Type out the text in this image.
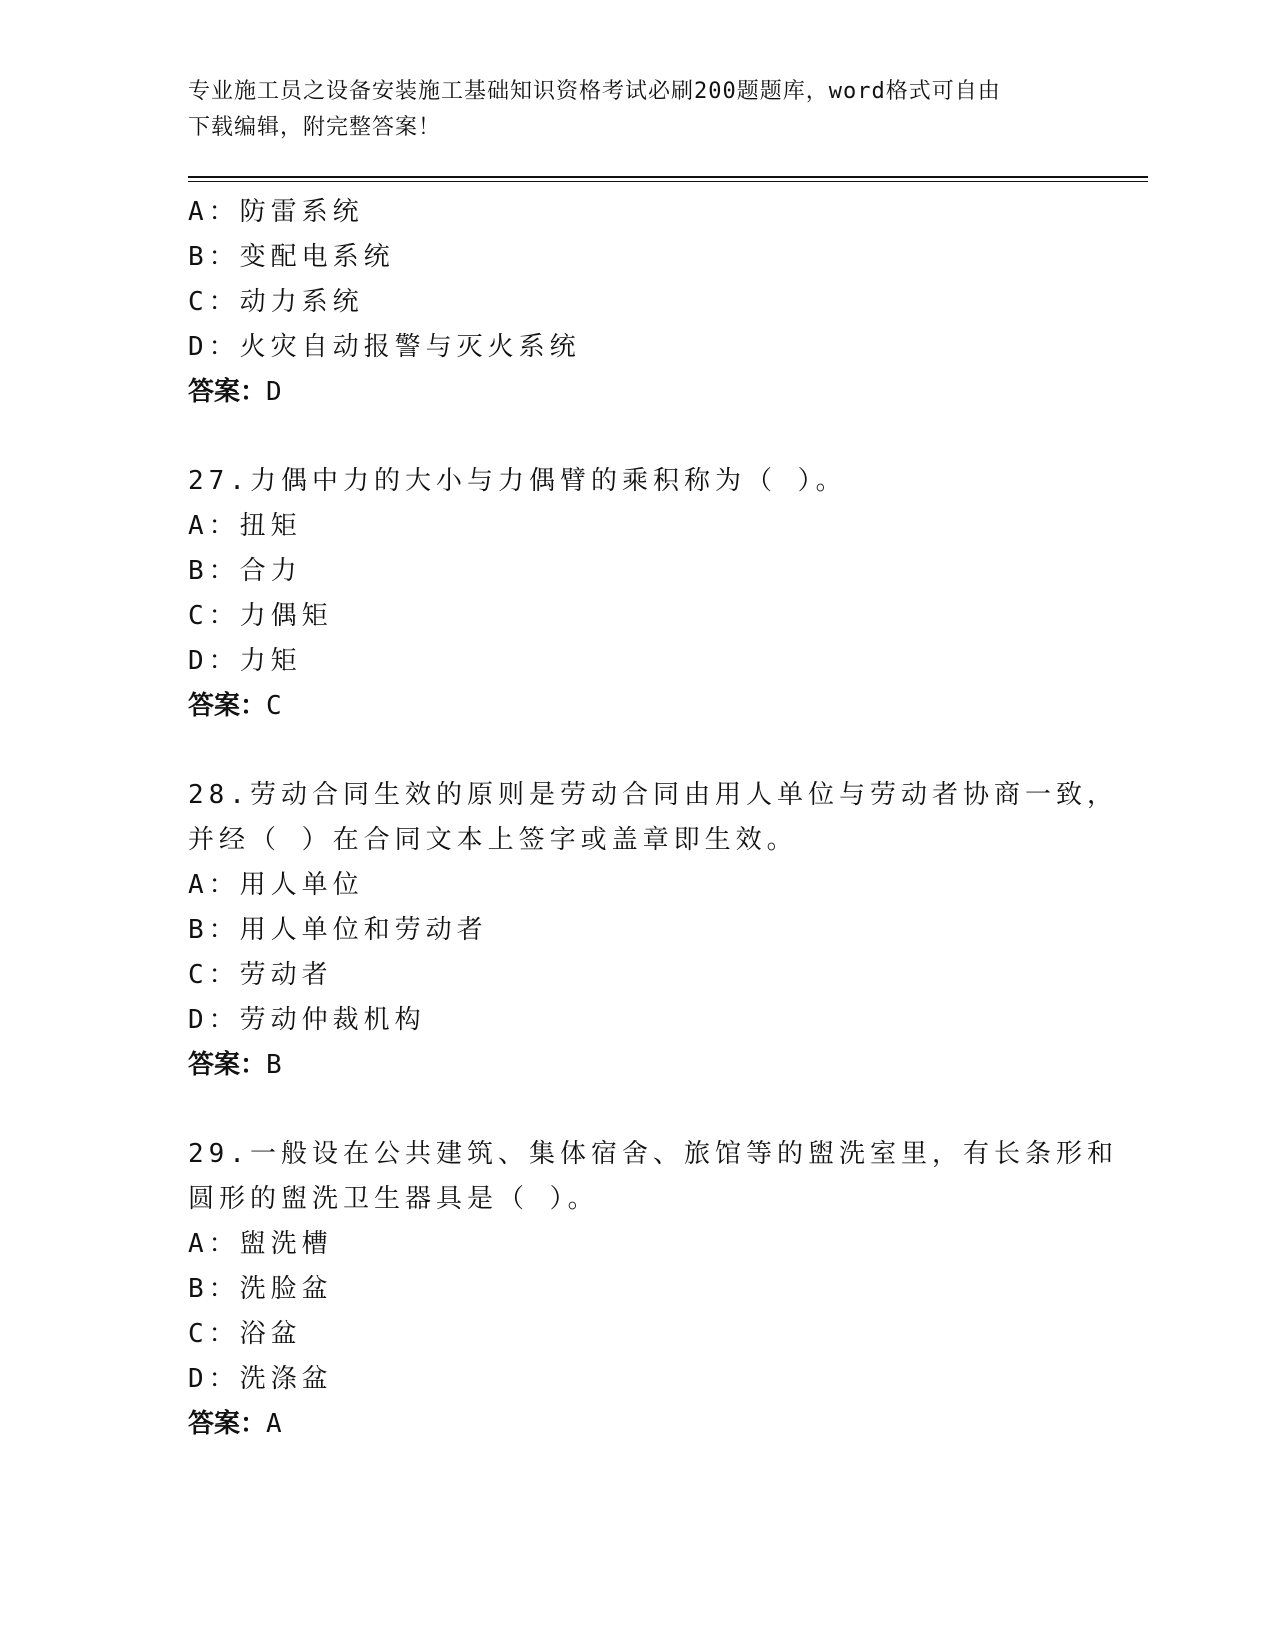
专业施工员之设备安装施工基础知识资格考试必刷200题题库，word格式可自由
下载编辑，附完整答案！
A：防雷系统
B：变配电系统
C：动力系统
D：火灾自动报警与灭火系统
答案：D
27.力偶中力的大小与力偶臂的乘积称为（ ）。
A：扭矩
B：合力
C：力偶矩
D：力矩
答案：C
28.劳动合同生效的原则是劳动合同由用人单位与劳动者协商一致，并经（ ）在合同文本上签字或盖章即生效。
A：用人单位
B：用人单位和劳动者
C：劳动者
D：劳动仲裁机构
答案：B
29.一般设在公共建筑、集体宿舍、旅馆等的盥洗室里，有长条形和圆形的盥洗卫生器具是（ ）。
A：盥洗槽
B：洗脸盆
C：浴盆
D：洗涤盆
答案：A
